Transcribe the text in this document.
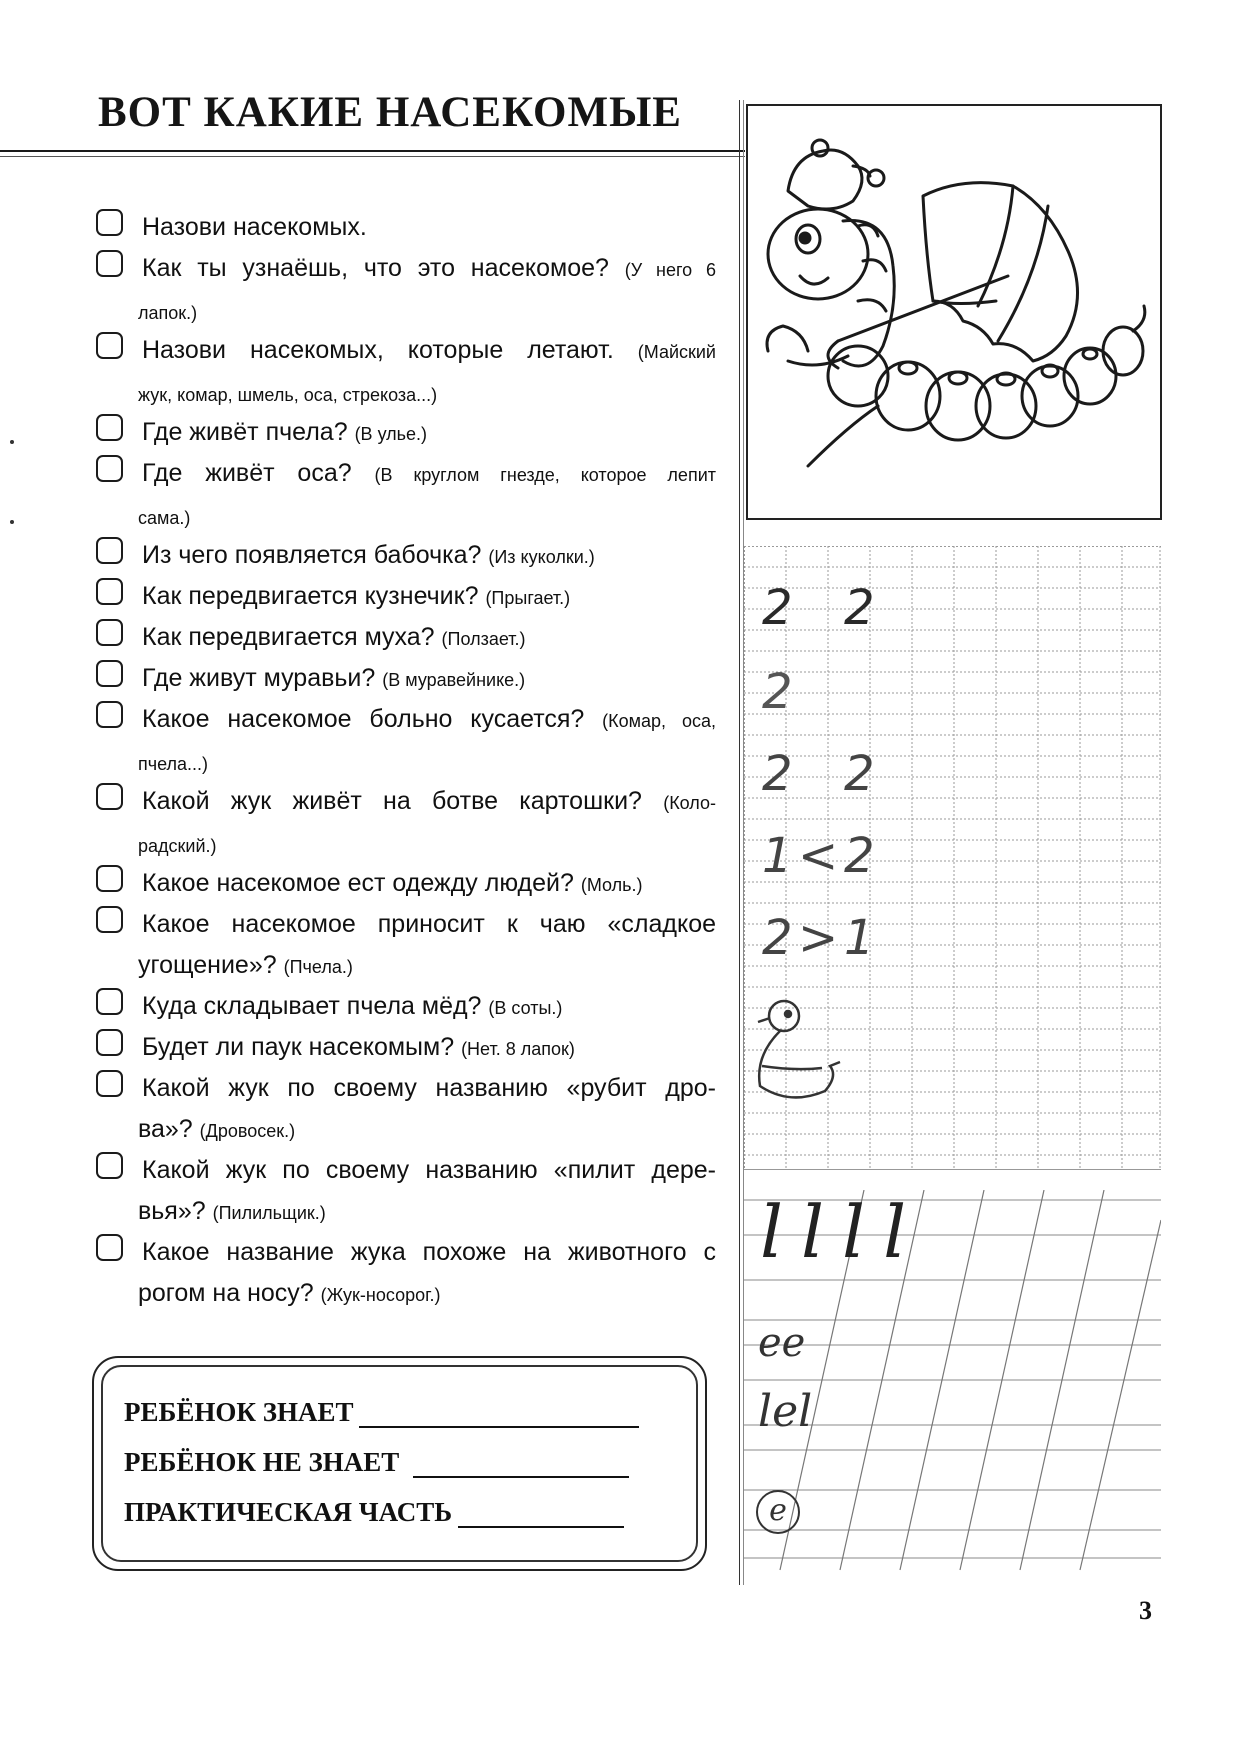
ВОТ КАКИЕ НАСЕКОМЫЕ
Назови насекомых.
Как ты узнаёшь, что это насекомое? (У него 6
лапок.)
Назови насекомых, которые летают. (Майский
жук, комар, шмель, оса, стрекоза...)
Где живёт пчела? (В улье.)
Где живёт оса? (В круглом гнезде, которое лепит
сама.)
Из чего появляется бабочка? (Из куколки.)
Как передвигается кузнечик? (Прыгает.)
Как передвигается муха? (Ползает.)
Где живут муравьи? (В муравейнике.)
Какое насекомое больно кусается? (Комар, оса,
пчела...)
Какой жук живёт на ботве картошки? (Коло-
радский.)
Какое насекомое ест одежду людей? (Моль.)
Какое насекомое приносит к чаю «сладкое
угощение»? (Пчела.)
Куда складывает пчела мёд? (В соты.)
Будет ли паук насекомым? (Нет. 8 лапок)
Какой жук по своему названию «рубит дро-
ва»? (Дровосек.)
Какой жук по своему названию «пилит дере-
вья»? (Пилильщик.)
Какое название жука похоже на животного с
рогом на носу? (Жук-носорог.)
РЕБЁНОК ЗНАЕТ
РЕБЁНОК НЕ ЗНАЕТ
ПРАКТИЧЕСКАЯ ЧАСТЬ
2 2
2
2 2
1 < 2
2 > 1
llll
ee
lel
e
3
